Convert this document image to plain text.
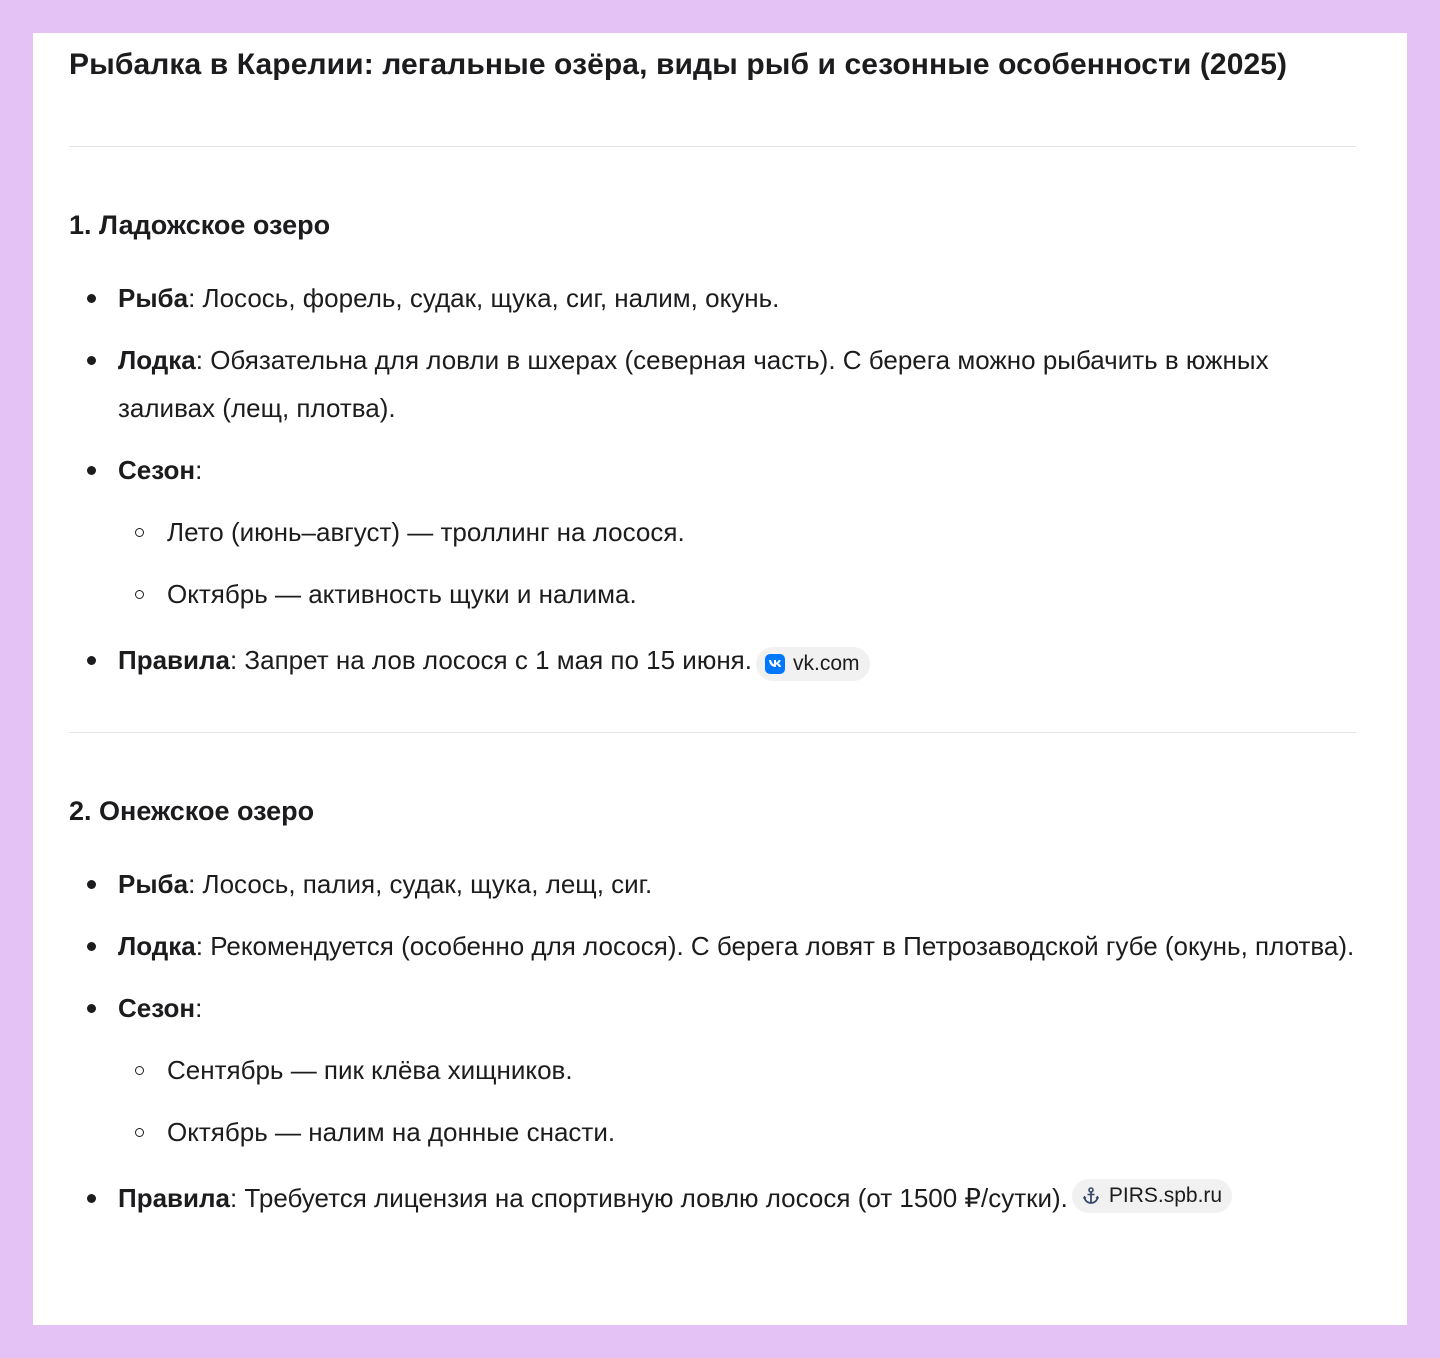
Рыбалка в Карелии: легальные озёра, виды рыб и сезонные особенности (2025)
1. Ладожское озеро
Рыба: Лосось, форель, судак, щука, сиг, налим, окунь.
Лодка: Обязательна для ловли в шхерах (северная часть). С берега можно рыбачить в южных заливах (лещ, плотва).
Сезон:
Лето (июнь–август) — троллинг на лосося.
Октябрь — активность щуки и налима.
Правила: Запрет на лов лосося с 1 мая по 15 июня. vk.com
2. Онежское озеро
Рыба: Лосось, палия, судак, щука, лещ, сиг.
Лодка: Рекомендуется (особенно для лосося). С берега ловят в Петрозаводской губе (окунь, плотва).
Сезон:
Сентябрь — пик клёва хищников.
Октябрь — налим на донные снасти.
Правила: Требуется лицензия на спортивную ловлю лосося (от 1500 ₽/сутки). PIRS.spb.ru
